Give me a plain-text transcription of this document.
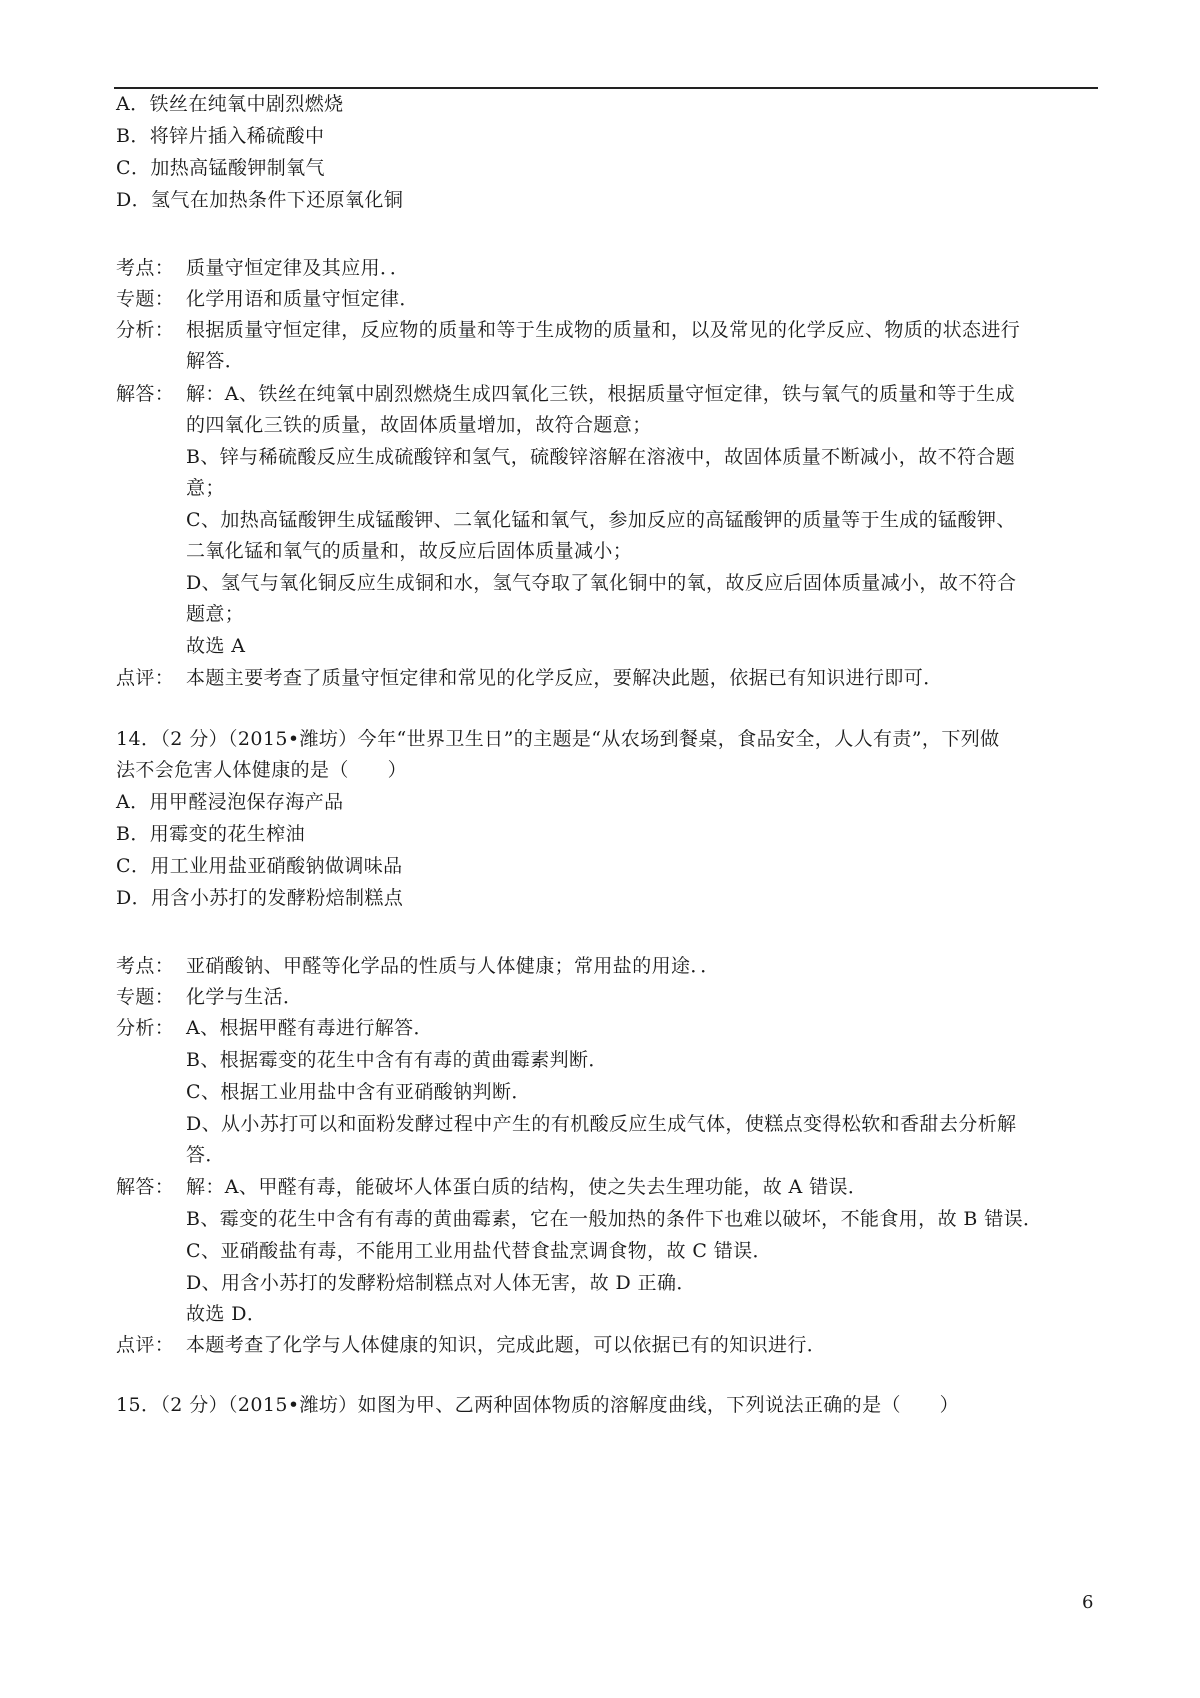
A．铁丝在纯氧中剧烈燃烧
B．将锌片插入稀硫酸中
C．加热高锰酸钾制氧气
D．氢气在加热条件下还原氧化铜
考点： 质量守恒定律及其应用．．
专题： 化学用语和质量守恒定律．
分析： 根据质量守恒定律，反应物的质量和等于生成物的质量和，以及常见的化学反应、物质的状态进行
解答．
解答： 解：A、铁丝在纯氧中剧烈燃烧生成四氧化三铁，根据质量守恒定律，铁与氧气的质量和等于生成
的四氧化三铁的质量，故固体质量增加，故符合题意；
B、锌与稀硫酸反应生成硫酸锌和氢气，硫酸锌溶解在溶液中，故固体质量不断减小，故不符合题
意；
C、加热高锰酸钾生成锰酸钾、二氧化锰和氧气，参加反应的高锰酸钾的质量等于生成的锰酸钾、
二氧化锰和氧气的质量和，故反应后固体质量减小；
D、氢气与氧化铜反应生成铜和水，氢气夺取了氧化铜中的氧，故反应后固体质量减小，故不符合
题意；
故选 A
点评： 本题主要考查了质量守恒定律和常见的化学反应，要解决此题，依据已有知识进行即可．
14．（2 分）（2015•潍坊）今年“世界卫生日”的主题是“从农场到餐桌，食品安全，人人有责”，下列做
法不会危害人体健康的是（　　）
A．用甲醛浸泡保存海产品
B．用霉变的花生榨油
C．用工业用盐亚硝酸钠做调味品
D．用含小苏打的发酵粉焙制糕点
考点： 亚硝酸钠、甲醛等化学品的性质与人体健康；常用盐的用途．．
专题： 化学与生活．
分析： A、根据甲醛有毒进行解答．
B、根据霉变的花生中含有有毒的黄曲霉素判断．
C、根据工业用盐中含有亚硝酸钠判断．
D、从小苏打可以和面粉发酵过程中产生的有机酸反应生成气体，使糕点变得松软和香甜去分析解
答．
解答： 解：A、甲醛有毒，能破坏人体蛋白质的结构，使之失去生理功能，故 A 错误．
B、霉变的花生中含有有毒的黄曲霉素，它在一般加热的条件下也难以破坏，不能食用，故 B 错误．
C、亚硝酸盐有毒，不能用工业用盐代替食盐烹调食物，故 C 错误．
D、用含小苏打的发酵粉焙制糕点对人体无害，故 D 正确．
故选 D．
点评： 本题考查了化学与人体健康的知识，完成此题，可以依据已有的知识进行．
15．（2 分）（2015•潍坊）如图为甲、乙两种固体物质的溶解度曲线，下列说法正确的是（　　）
6
